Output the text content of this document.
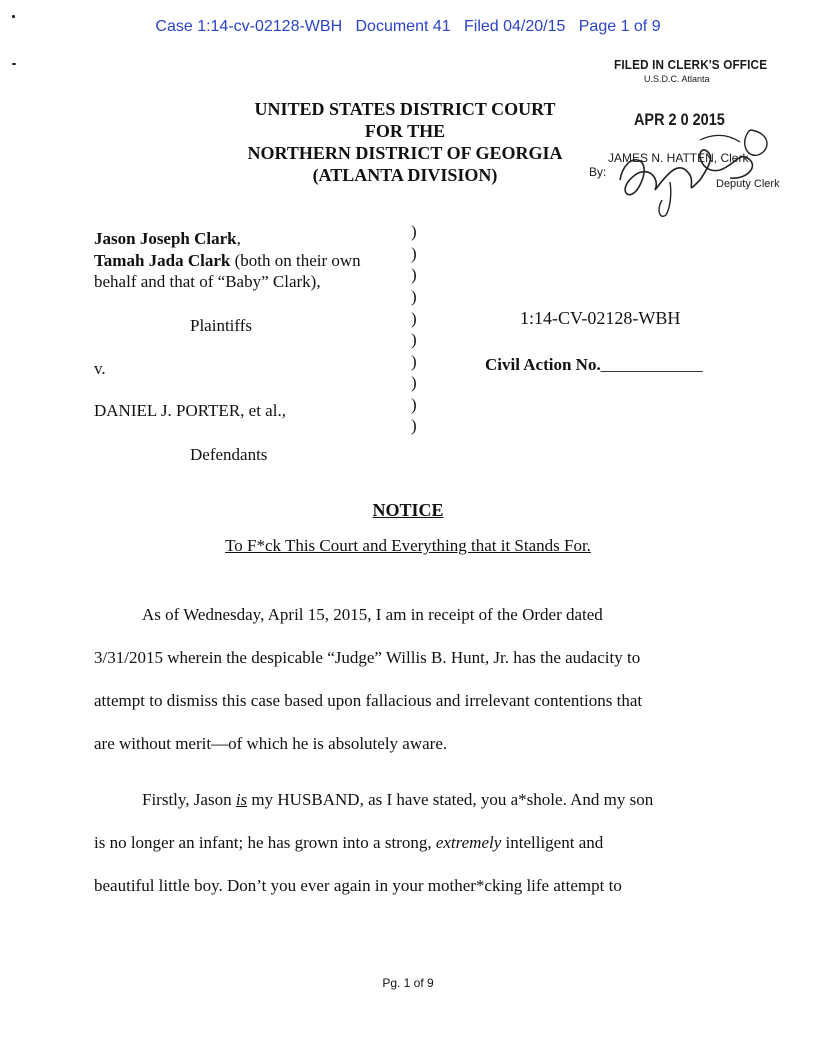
Case 1:14-cv-02128-WBH Document 41 Filed 04/20/15 Page 1 of 9
FILED IN CLERK'S OFFICE
U.S.D.C. Atlanta
APR 2 0 2015
JAMES N. HATTEN, Clerk
By:
Deputy Clerk
UNITED STATES DISTRICT COURT
FOR THE
NORTHERN DISTRICT OF GEORGIA
(ATLANTA DIVISION)
Jason Joseph Clark,
Tamah Jada Clark (both on their own
behalf and that of “Baby” Clark),
Plaintiffs
v.
DANIEL J. PORTER, et al.,
Defendants
)
)
)
)
)
)
)
)
)
)
1:14-CV-02128-WBH
Civil Action No.____________
NOTICE
To F*ck This Court and Everything that it Stands For.
As of Wednesday, April 15, 2015, I am in receipt of the Order dated
3/31/2015 wherein the despicable “Judge” Willis B. Hunt, Jr. has the audacity to
attempt to dismiss this case based upon fallacious and irrelevant contentions that
are without merit—of which he is absolutely aware.
Firstly, Jason is my HUSBAND, as I have stated, you a*shole. And my son
is no longer an infant; he has grown into a strong, extremely intelligent and
beautiful little boy. Don’t you ever again in your mother*cking life attempt to
Pg. 1 of 9
